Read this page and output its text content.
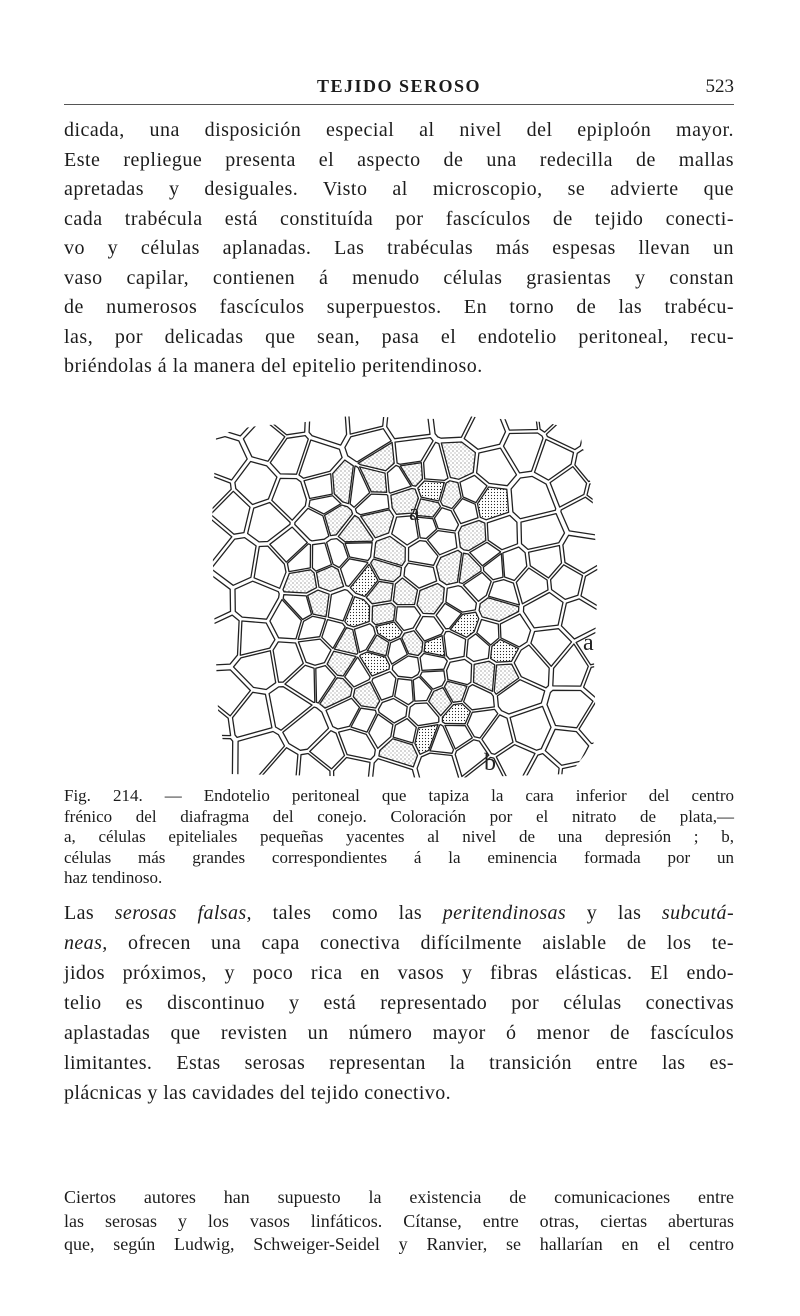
TEJIDO SEROSO	523
dicada, una disposición especial al nivel del epiploón mayor.
Este repliegue presenta el aspecto de una redecilla de mallas
apretadas y desiguales. Visto al microscopio, se advierte que
cada trabécula está constituída por fascículos de tejido conecti-
vo y células aplanadas. Las trabéculas más espesas llevan un
vaso capilar, contienen á menudo células grasientas y constan
de numerosos fascículos superpuestos. En torno de las trabécu-
las, por delicadas que sean, pasa el endotelio peritoneal, recu-
briéndolas á la manera del epitelio peritendinoso.
a
a
b
Fig. 214. — Endotelio peritoneal que tapiza la cara inferior del centro
frénico del diafragma del conejo. Coloración por el nitrato de plata,—
a, células epiteliales pequeñas yacentes al nivel de una depresión ; b,
células más grandes correspondientes á la eminencia formada por un
haz tendinoso.
Las serosas falsas, tales como las peritendinosas y las subcutá-
neas, ofrecen una capa conectiva difícilmente aislable de los te-
jidos próximos, y poco rica en vasos y fibras elásticas. El endo-
telio es discontinuo y está representado por células conectivas
aplastadas que revisten un número mayor ó menor de fascículos
limitantes. Estas serosas representan la transición entre las es-
plácnicas y las cavidades del tejido conectivo.
Ciertos autores han supuesto la existencia de comunicaciones entre
las serosas y los vasos linfáticos. Cítanse, entre otras, ciertas aberturas
que, según Ludwig, Schweiger-Seidel y Ranvier, se hallarían en el centro
